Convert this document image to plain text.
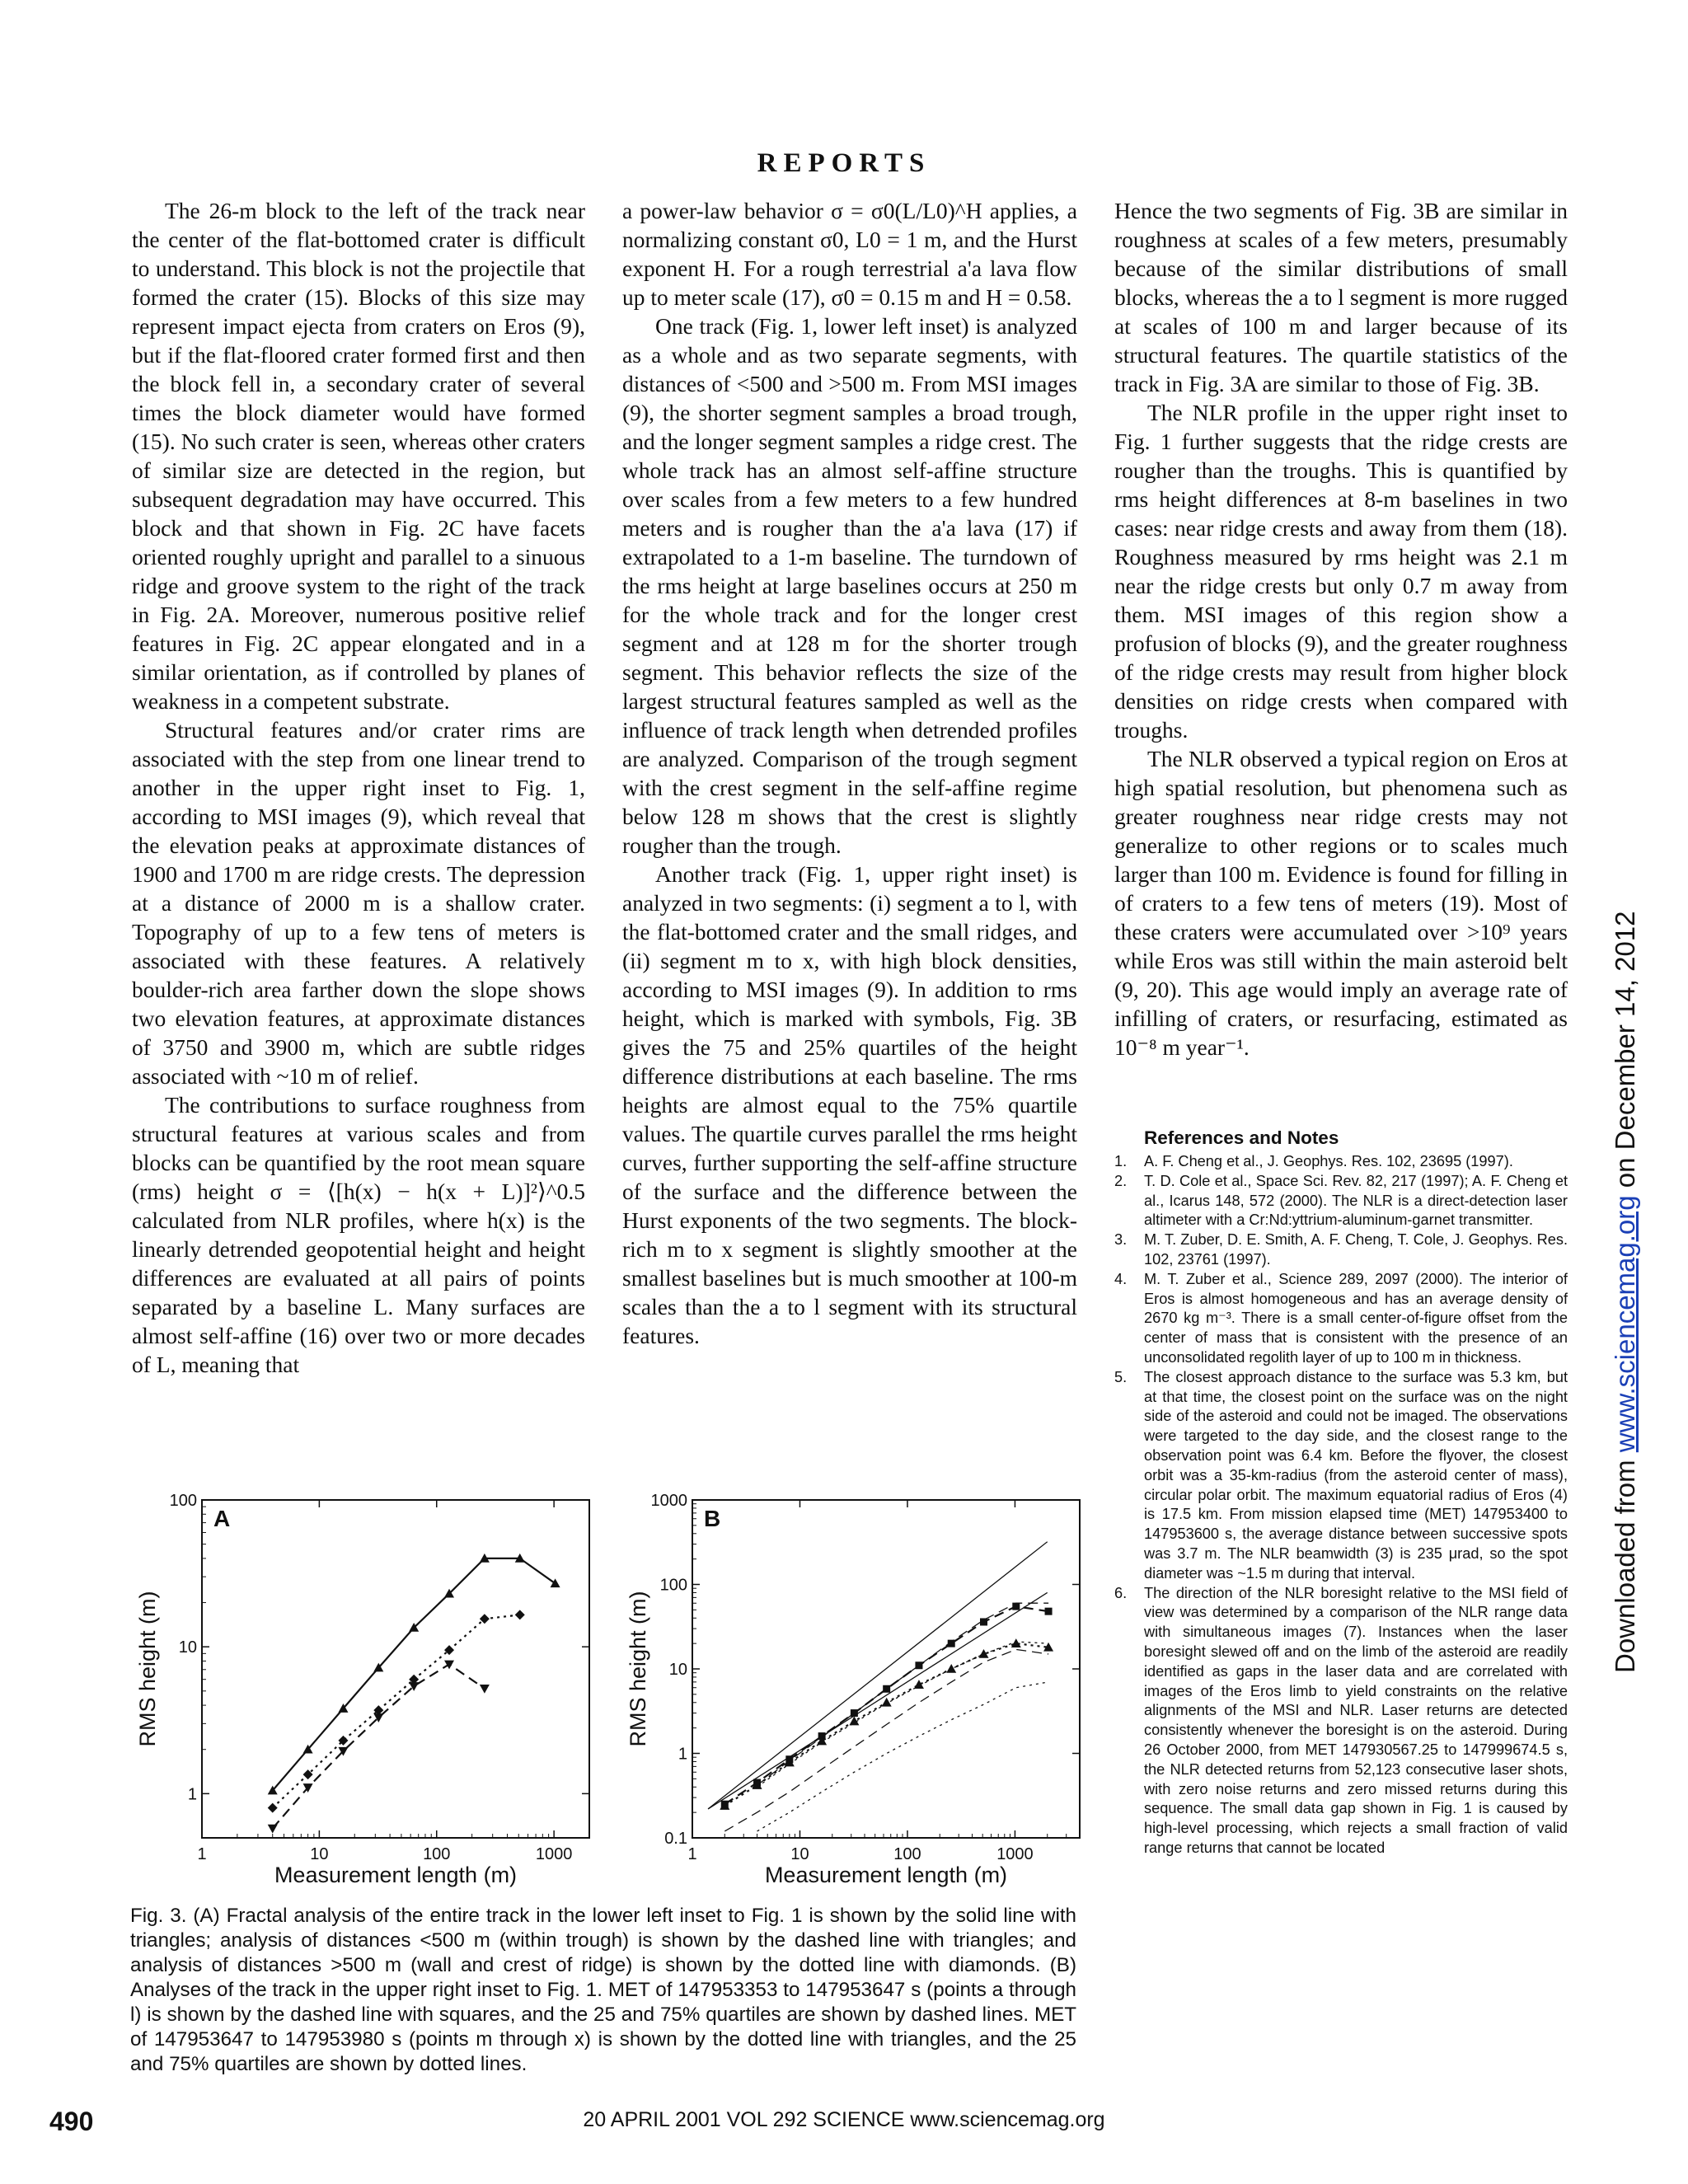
REPORTS

The 26-m block to the left of the track near the center of the flat-bottomed crater is difficult to understand. This block is not the projectile that formed the crater (15). Blocks of this size may represent impact ejecta from craters on Eros (9), but if the flat-floored crater formed first and then the block fell in, a secondary crater of several times the block diameter would have formed (15). No such crater is seen, whereas other craters of similar size are detected in the region, but subsequent degradation may have occurred. This block and that shown in Fig. 2C have facets oriented roughly upright and parallel to a sinuous ridge and groove system to the right of the track in Fig. 2A. Moreover, numerous positive relief features in Fig. 2C appear elongated and in a similar orientation, as if controlled by planes of weakness in a competent substrate.

Structural features and/or crater rims are associated with the step from one linear trend to another in the upper right inset to Fig. 1, according to MSI images (9), which reveal that the elevation peaks at approximate distances of 1900 and 1700 m are ridge crests. The depression at a distance of 2000 m is a shallow crater. Topography of up to a few tens of meters is associated with these features. A relatively boulder-rich area farther down the slope shows two elevation features, at approximate distances of 3750 and 3900 m, which are subtle ridges associated with ~10 m of relief.

The contributions to surface roughness from structural features at various scales and from blocks can be quantified by the root mean square (rms) height σ = ⟨[h(x) − h(x + L)]²⟩^0.5 calculated from NLR profiles, where h(x) is the linearly detrended geopotential height and height differences are evaluated at all pairs of points separated by a baseline L. Many surfaces are almost self-affine (16) over two or more decades of L, meaning that

a power-law behavior σ = σ0(L/L0)^H applies, a normalizing constant σ0, L0 = 1 m, and the Hurst exponent H. For a rough terrestrial a'a lava flow up to meter scale (17), σ0 = 0.15 m and H = 0.58.

One track (Fig. 1, lower left inset) is analyzed as a whole and as two separate segments, with distances of <500 and >500 m. From MSI images (9), the shorter segment samples a broad trough, and the longer segment samples a ridge crest. The whole track has an almost self-affine structure over scales from a few meters to a few hundred meters and is rougher than the a'a lava (17) if extrapolated to a 1-m baseline. The turndown of the rms height at large baselines occurs at 250 m for the whole track and for the longer crest segment and at 128 m for the shorter trough segment. This behavior reflects the size of the largest structural features sampled as well as the influence of track length when detrended profiles are analyzed. Comparison of the trough segment with the crest segment in the self-affine regime below 128 m shows that the crest is slightly rougher than the trough.

Another track (Fig. 1, upper right inset) is analyzed in two segments: (i) segment a to l, with the flat-bottomed crater and the small ridges, and (ii) segment m to x, with high block densities, according to MSI images (9). In addition to rms height, which is marked with symbols, Fig. 3B gives the 75 and 25% quartiles of the height difference distributions at each baseline. The rms heights are almost equal to the 75% quartile values. The quartile curves parallel the rms height curves, further supporting the self-affine structure of the surface and the difference between the Hurst exponents of the two segments. The block-rich m to x segment is slightly smoother at the smallest baselines but is much smoother at 100-m scales than the a to l segment with its structural features.

Hence the two segments of Fig. 3B are similar in roughness at scales of a few meters, presumably because of the similar distributions of small blocks, whereas the a to l segment is more rugged at scales of 100 m and larger because of its structural features. The quartile statistics of the track in Fig. 3A are similar to those of Fig. 3B.

The NLR profile in the upper right inset to Fig. 1 further suggests that the ridge crests are rougher than the troughs. This is quantified by rms height differences at 8-m baselines in two cases: near ridge crests and away from them (18). Roughness measured by rms height was 2.1 m near the ridge crests but only 0.7 m away from them. MSI images of this region show a profusion of blocks (9), and the greater roughness of the ridge crests may result from higher block densities on ridge crests when compared with troughs.

The NLR observed a typical region on Eros at high spatial resolution, but phenomena such as greater roughness near ridge crests may not generalize to other regions or to scales much larger than 100 m. Evidence is found for filling in of craters to a few tens of meters (19). Most of these craters were accumulated over >10⁹ years while Eros was still within the main asteroid belt (9, 20). This age would imply an average rate of infilling of craters, or resurfacing, estimated as 10⁻⁸ m year⁻¹.

References and Notes
1. A. F. Cheng et al., J. Geophys. Res. 102, 23695 (1997).
2. T. D. Cole et al., Space Sci. Rev. 82, 217 (1997); A. F. Cheng et al., Icarus 148, 572 (2000). The NLR is a direct-detection laser altimeter with a Cr:Nd:yttrium-aluminum-garnet transmitter.
3. M. T. Zuber, D. E. Smith, A. F. Cheng, T. Cole, J. Geophys. Res. 102, 23761 (1997).
4. M. T. Zuber et al., Science 289, 2097 (2000). The interior of Eros is almost homogeneous and has an average density of 2670 kg m⁻³. There is a small center-of-figure offset from the center of mass that is consistent with the presence of an unconsolidated regolith layer of up to 100 m in thickness.
5. The closest approach distance to the surface was 5.3 km, but at that time, the closest point on the surface was on the night side of the asteroid and could not be imaged. The observations were targeted to the day side, and the closest range to the observation point was 6.4 km. Before the flyover, the closest orbit was a 35-km-radius (from the asteroid center of mass), circular polar orbit. The maximum equatorial radius of Eros (4) is 17.5 km. From mission elapsed time (MET) 147953400 to 147953600 s, the average distance between successive spots was 3.7 m. The NLR beamwidth (3) is 235 μrad, so the spot diameter was ~1.5 m during that interval.
6. The direction of the NLR boresight relative to the MSI field of view was determined by a comparison of the NLR range data with simultaneous images (7). Instances when the laser boresight slewed off and on the limb of the asteroid are readily identified as gaps in the laser data and are correlated with images of the Eros limb to yield constraints on the relative alignments of the MSI and NLR. Laser returns are detected consistently whenever the boresight is on the asteroid. During 26 October 2000, from MET 147930567.25 to 147999674.5 s, the NLR detected returns from 52,123 consecutive laser shots, with zero noise returns and zero missed returns during this sequence. The small data gap shown in Fig. 1 is caused by high-level processing, which rejects a small fraction of valid range returns that cannot be located
Downloaded from www.sciencemag.org on December 14, 2012
1	10	100	1000
1
10
100
Measurement length (m)
RMS height (m)
A
1	10	100	1000
0.1
1
10
100
1000
Measurement length (m)
RMS height (m)
B
Fig. 3. (A) Fractal analysis of the entire track in the lower left inset to Fig. 1 is shown by the solid line with triangles; analysis of distances <500 m (within trough) is shown by the dashed line with triangles; and analysis of distances >500 m (wall and crest of ridge) is shown by the dotted line with diamonds. (B) Analyses of the track in the upper right inset to Fig. 1. MET of 147953353 to 147953647 s (points a through l) is shown by the dashed line with squares, and the 25 and 75% quartiles are shown by dashed lines. MET of 147953647 to 147953980 s (points m through x) is shown by the dotted line with triangles, and the 25 and 75% quartiles are shown by dotted lines.
490	20 APRIL 2001 VOL 292 SCIENCE www.sciencemag.org
